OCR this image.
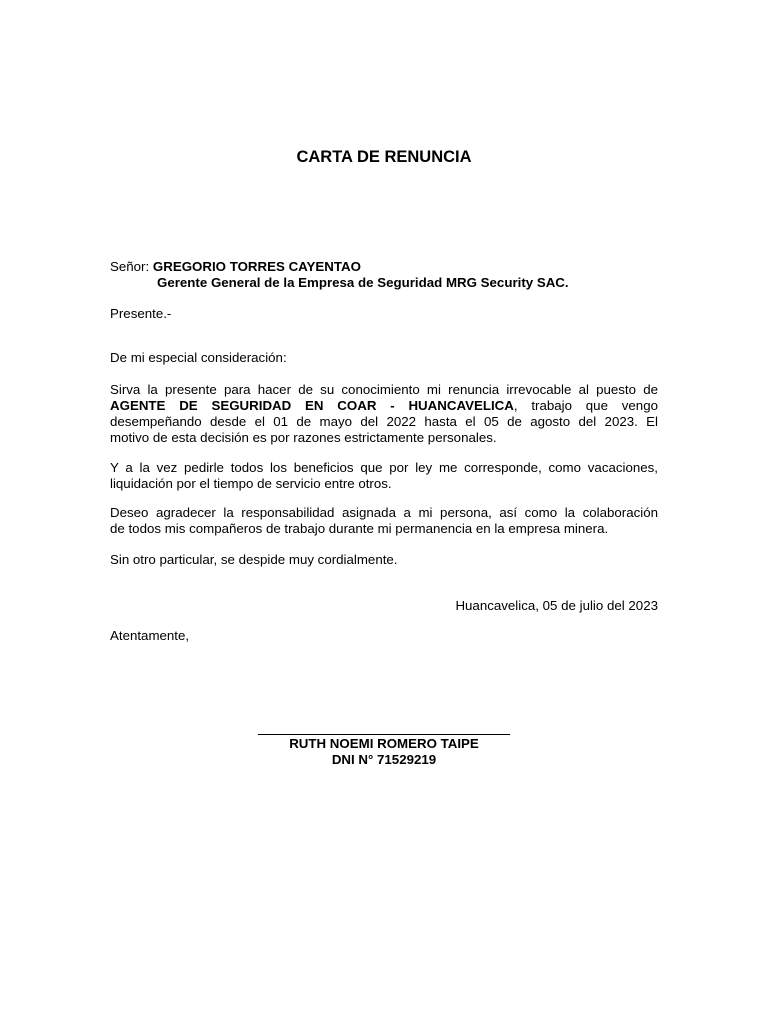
CARTA DE RENUNCIA
Señor: GREGORIO TORRES CAYENTAO
Gerente General de la Empresa de Seguridad MRG Security SAC.
Presente.-
De mi especial consideración:
Sirva la presente para hacer de su conocimiento mi renuncia irrevocable al puesto de
AGENTE DE SEGURIDAD EN COAR - HUANCAVELICA, trabajo que vengo
desempeñando desde el 01 de mayo del 2022 hasta el 05 de agosto del 2023. El
motivo de esta decisión es por razones estrictamente personales.
Y a la vez pedirle todos los beneficios que por ley me corresponde, como vacaciones,
liquidación por el tiempo de servicio entre otros.
Deseo agradecer la responsabilidad asignada a mi persona, así como la colaboración
de todos mis compañeros de trabajo durante mi permanencia en la empresa minera.
Sin otro particular, se despide muy cordialmente.
Huancavelica, 05 de julio del 2023
Atentamente,
RUTH NOEMI ROMERO TAIPE
DNI N° 71529219
